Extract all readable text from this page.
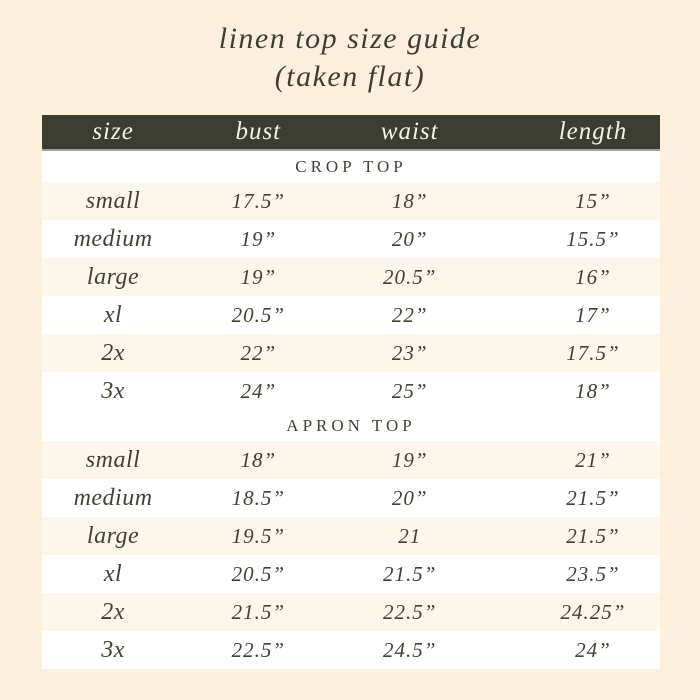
linen top size guide
(taken flat)
size	bust	waist	length
CROP TOP			
small	17.5”	18”	15”
medium	19”	20”	15.5”
large	19”	20.5”	16”
xl	20.5”	22”	17”
2x	22”	23”	17.5”
3x	24”	25”	18”
APRON TOP			
small	18”	19”	21”
medium	18.5”	20”	21.5”
large	19.5”	21	21.5”
xl	20.5”	21.5”	23.5”
2x	21.5”	22.5”	24.25”
3x	22.5”	24.5”	24”
